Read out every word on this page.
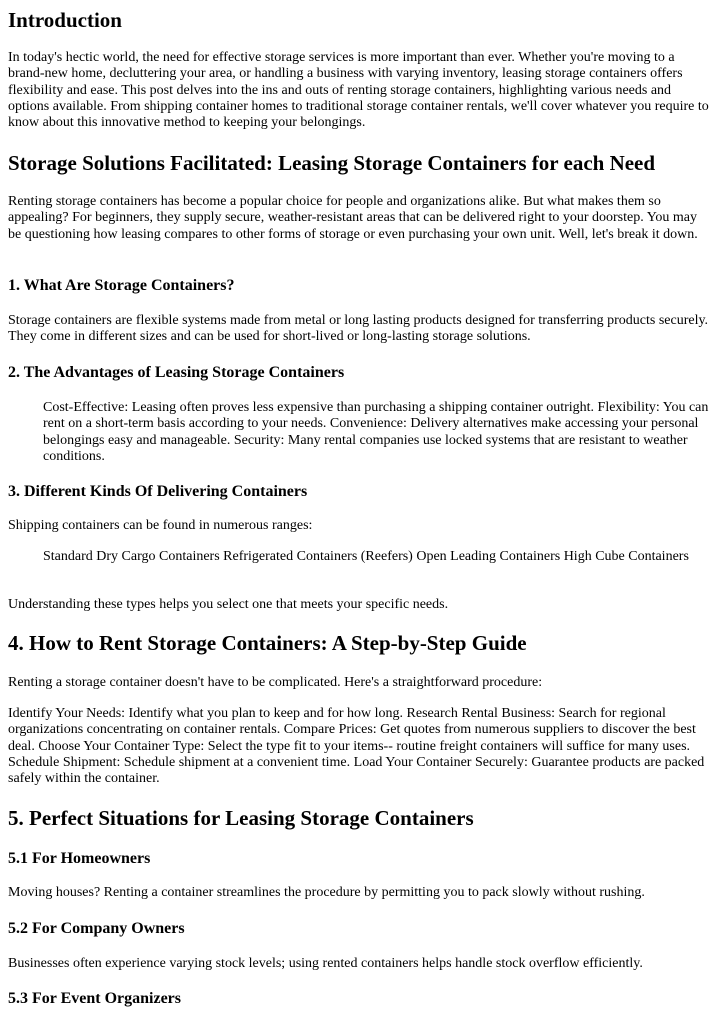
Introduction

In today's hectic world, the need for effective storage services is more important than ever. Whether you're moving to a brand-new home, decluttering your area, or handling a business with varying inventory, leasing storage containers offers flexibility and ease. This post delves into the ins and outs of renting storage containers, highlighting various needs and options available. From shipping container homes to traditional storage container rentals, we'll cover whatever you require to know about this innovative method to keeping your belongings.

Storage Solutions Facilitated: Leasing Storage Containers for each Need

Renting storage containers has become a popular choice for people and organizations alike. But what makes them so appealing? For beginners, they supply secure, weather-resistant areas that can be delivered right to your doorstep. You may be questioning how leasing compares to other forms of storage or even purchasing your own unit. Well, let's break it down.

1. What Are Storage Containers?

Storage containers are flexible systems made from metal or long lasting products designed for transferring products securely. They come in different sizes and can be used for short-lived or long-lasting storage solutions.

2. The Advantages of Leasing Storage Containers

Cost-Effective: Leasing often proves less expensive than purchasing a shipping container outright. Flexibility: You can rent on a short-term basis according to your needs. Convenience: Delivery alternatives make accessing your personal belongings easy and manageable. Security: Many rental companies use locked systems that are resistant to weather conditions.

3. Different Kinds Of Delivering Containers

Shipping containers can be found in numerous ranges:

Standard Dry Cargo Containers Refrigerated Containers (Reefers) Open Leading Containers High Cube Containers

Understanding these types helps you select one that meets your specific needs.

4. How to Rent Storage Containers: A Step-by-Step Guide

Renting a storage container doesn't have to be complicated. Here's a straightforward procedure:

Identify Your Needs: Identify what you plan to keep and for how long. Research Rental Business: Search for regional organizations concentrating on container rentals. Compare Prices: Get quotes from numerous suppliers to discover the best deal. Choose Your Container Type: Select the type fit to your items-- routine freight containers will suffice for many uses. Schedule Shipment: Schedule shipment at a convenient time. Load Your Container Securely: Guarantee products are packed safely within the container.

5. Perfect Situations for Leasing Storage Containers
5.1 For Homeowners

Moving houses? Renting a container streamlines the procedure by permitting you to pack slowly without rushing.

5.2 For Company Owners

Businesses often experience varying stock levels; using rented containers helps handle stock overflow efficiently.

5.3 For Event Organizers
